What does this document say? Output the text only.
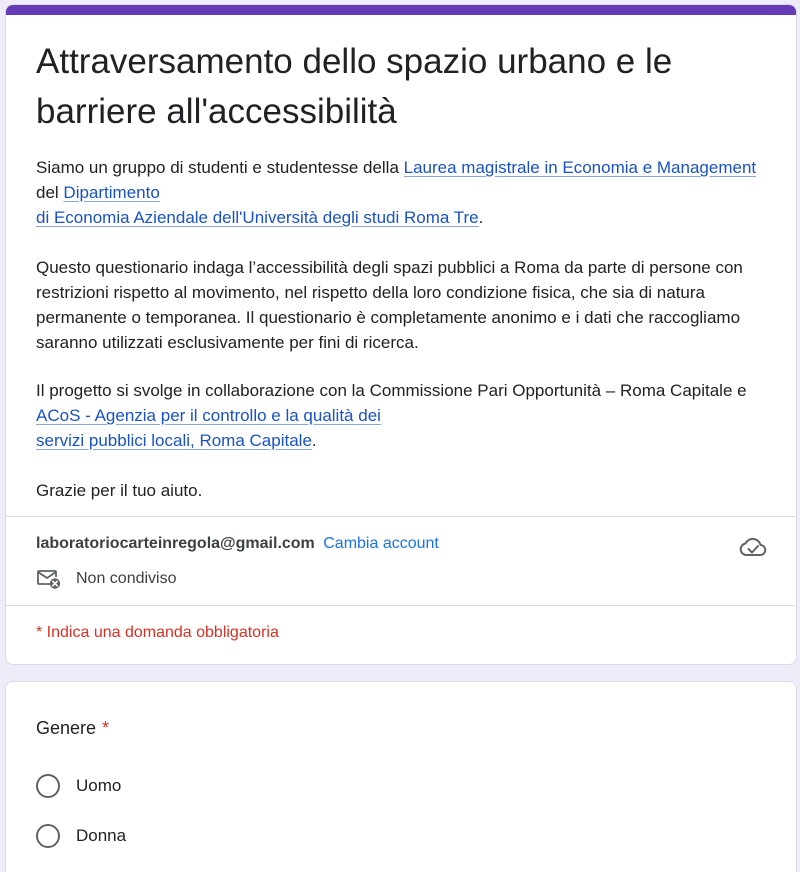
Attraversamento dello spazio urbano e le barriere all'accessibilità

Siamo un gruppo di studenti e studentesse della Laurea magistrale in Economia e Management del Dipartimento
di Economia Aziendale dell'Università degli studi Roma Tre.

Questo questionario indaga l’accessibilità degli spazi pubblici a Roma da parte di persone con restrizioni rispetto al movimento, nel rispetto della loro condizione fisica, che sia di natura permanente o temporanea. Il questionario è completamente anonimo e i dati che raccogliamo saranno utilizzati esclusivamente per fini di ricerca.

Il progetto si svolge in collaborazione con la Commissione Pari Opportunità – Roma Capitale e ACoS - Agenzia per il controllo e la qualità dei
servizi pubblici locali, Roma Capitale.

Grazie per il tuo aiuto.

laboratoriocarteinregola@gmail.com Cambia account
Non condiviso
* Indica una domanda obbligatoria
Genere *
Uomo
Donna
